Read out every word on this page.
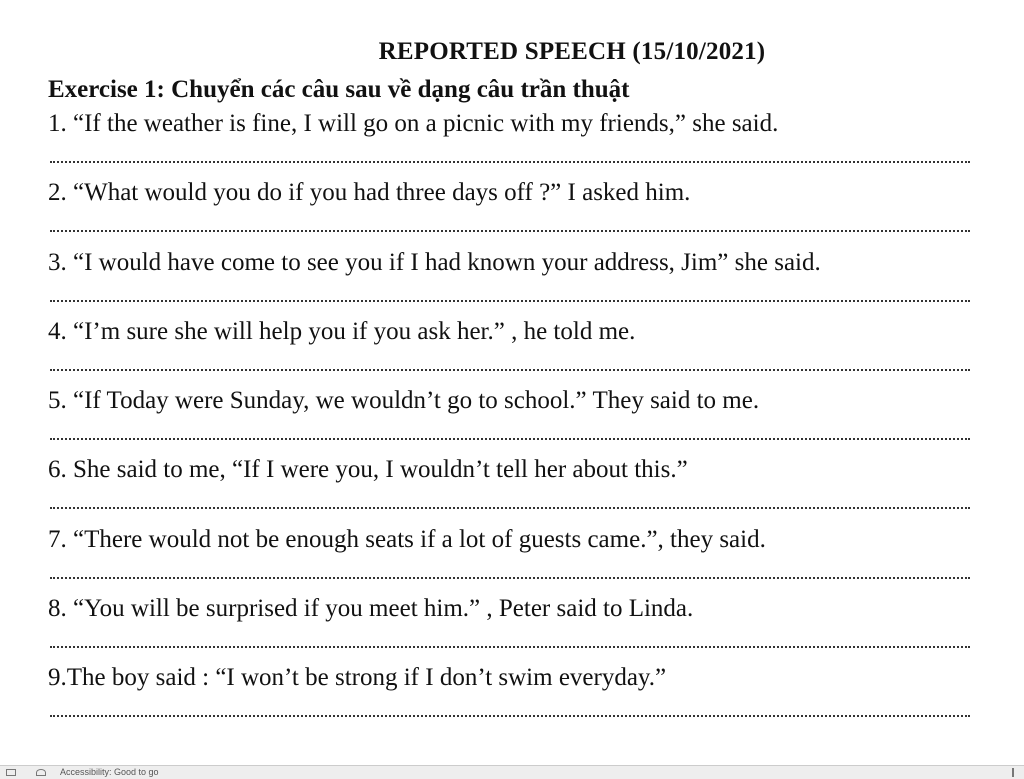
REPORTED SPEECH (15/10/2021)
Exercise 1: Chuyển các câu sau về dạng câu trần thuật
1. “If the weather is fine, I will go on a picnic with my friends,” she said.
2. “What would you do if you had three days off ?” I asked him.
3. “I would have come to see you if I had known your address, Jim” she said.
4. “I’m sure she will help you if you ask her.” , he told me.
5. “If Today were Sunday, we wouldn’t go to school.” They said to me.
6. She said to me, “If I were you, I wouldn’t tell her about this.”
7. “There would not be enough seats if a lot of guests came.”, they said.
8. “You will be surprised if you meet him.” , Peter said to Linda.
9.The boy said : “I won’t be strong if I don’t swim everyday.”
Accessibility: Good to go
